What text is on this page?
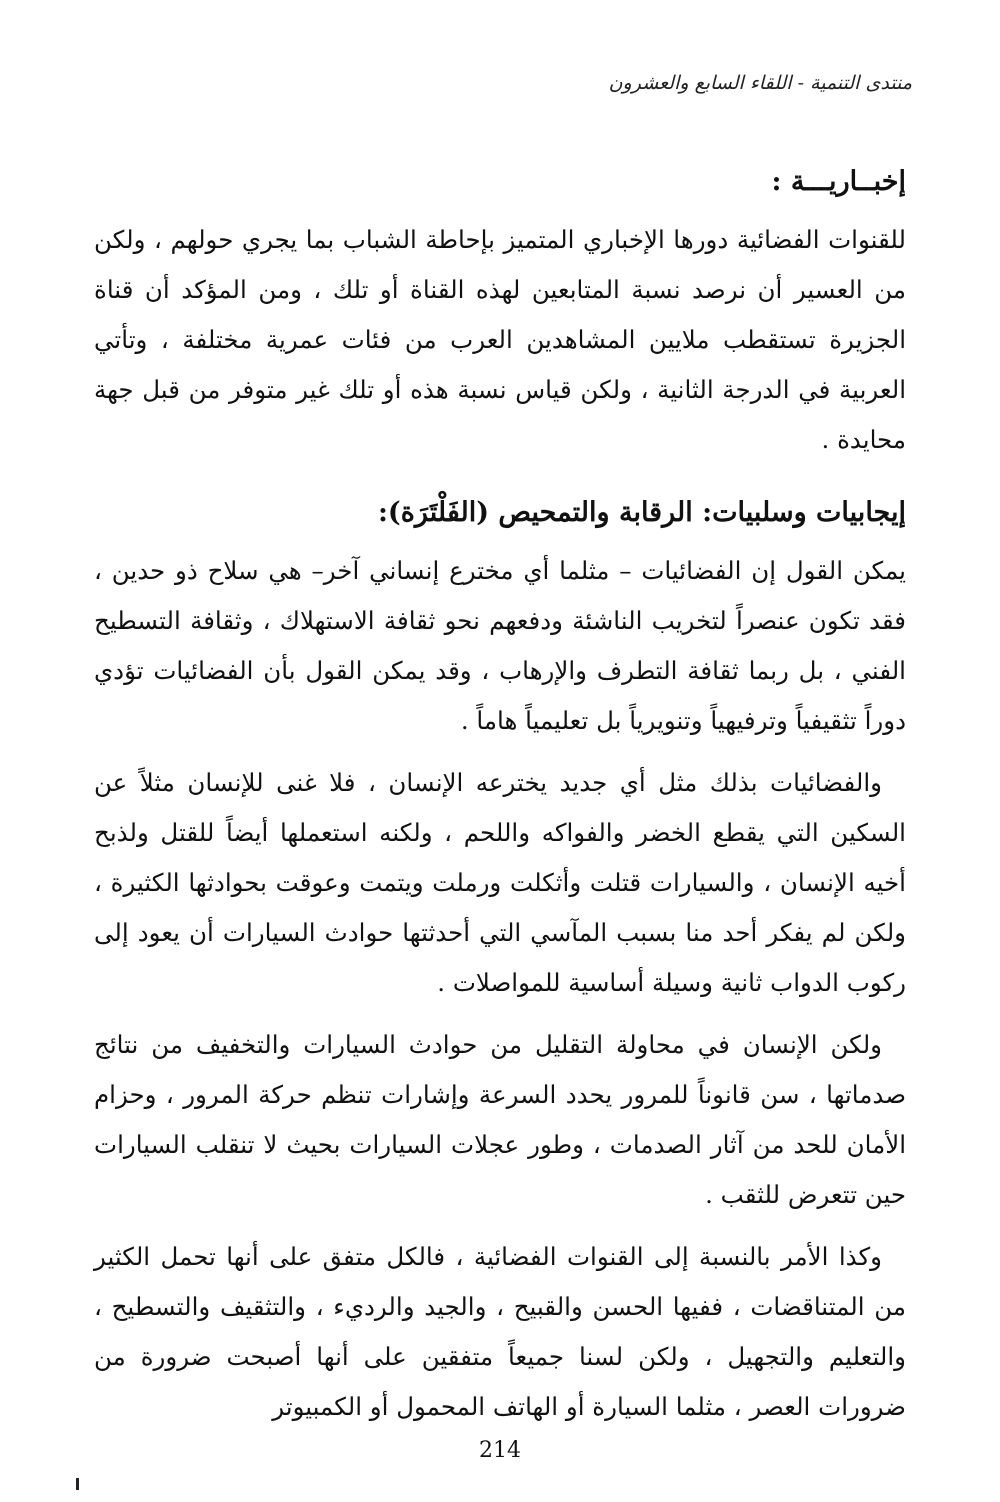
منتدى التنمية - اللقاء السابع والعشرون
إخبــاريـــة :

للقنوات الفضائية دورها الإخباري المتميز بإحاطة الشباب بما يجري حولهم ، ولكن من العسير أن نرصد نسبة المتابعين لهذه القناة أو تلك ، ومن المؤكد أن قناة الجزيرة تستقطب ملايين المشاهدين العرب من فئات عمرية مختلفة ، وتأتي العربية في الدرجة الثانية ، ولكن قياس نسبة هذه أو تلك غير متوفر من قبل جهة محايدة .

إيجابيات وسلبيات: الرقابة والتمحيص (الفَلْتَرَة):

يمكن القول إن الفضائيات – مثلما أي مخترع إنساني آخر– هي سلاح ذو حدين ، فقد تكون عنصراً لتخريب الناشئة ودفعهم نحو ثقافة الاستهلاك ، وثقافة التسطيح الفني ، بل ربما ثقافة التطرف والإرهاب ، وقد يمكن القول بأن الفضائيات تؤدي دوراً تثقيفياً وترفيهياً وتنويرياً بل تعليمياً هاماً .

والفضائيات بذلك مثل أي جديد يخترعه الإنسان ، فلا غنى للإنسان مثلاً عن السكين التي يقطع الخضر والفواكه واللحم ، ولكنه استعملها أيضاً للقتل ولذبح أخيه الإنسان ، والسيارات قتلت وأثكلت ورملت ويتمت وعوقت بحوادثها الكثيرة ، ولكن لم يفكر أحد منا بسبب المآسي التي أحدثتها حوادث السيارات أن يعود إلى ركوب الدواب ثانية وسيلة أساسية للمواصلات .

ولكن الإنسان في محاولة التقليل من حوادث السيارات والتخفيف من نتائج صدماتها ، سن قانوناً للمرور يحدد السرعة وإشارات تنظم حركة المرور ، وحزام الأمان للحد من آثار الصدمات ، وطور عجلات السيارات بحيث لا تنقلب السيارات حين تتعرض للثقب .

وكذا الأمر بالنسبة إلى القنوات الفضائية ، فالكل متفق على أنها تحمل الكثير من المتناقضات ، ففيها الحسن والقبيح ، والجيد والرديء ، والتثقيف والتسطيح ، والتعليم والتجهيل ، ولكن لسنا جميعاً متفقين على أنها أصبحت ضرورة من ضرورات العصر ، مثلما السيارة أو الهاتف المحمول أو الكمبيوتر

214
